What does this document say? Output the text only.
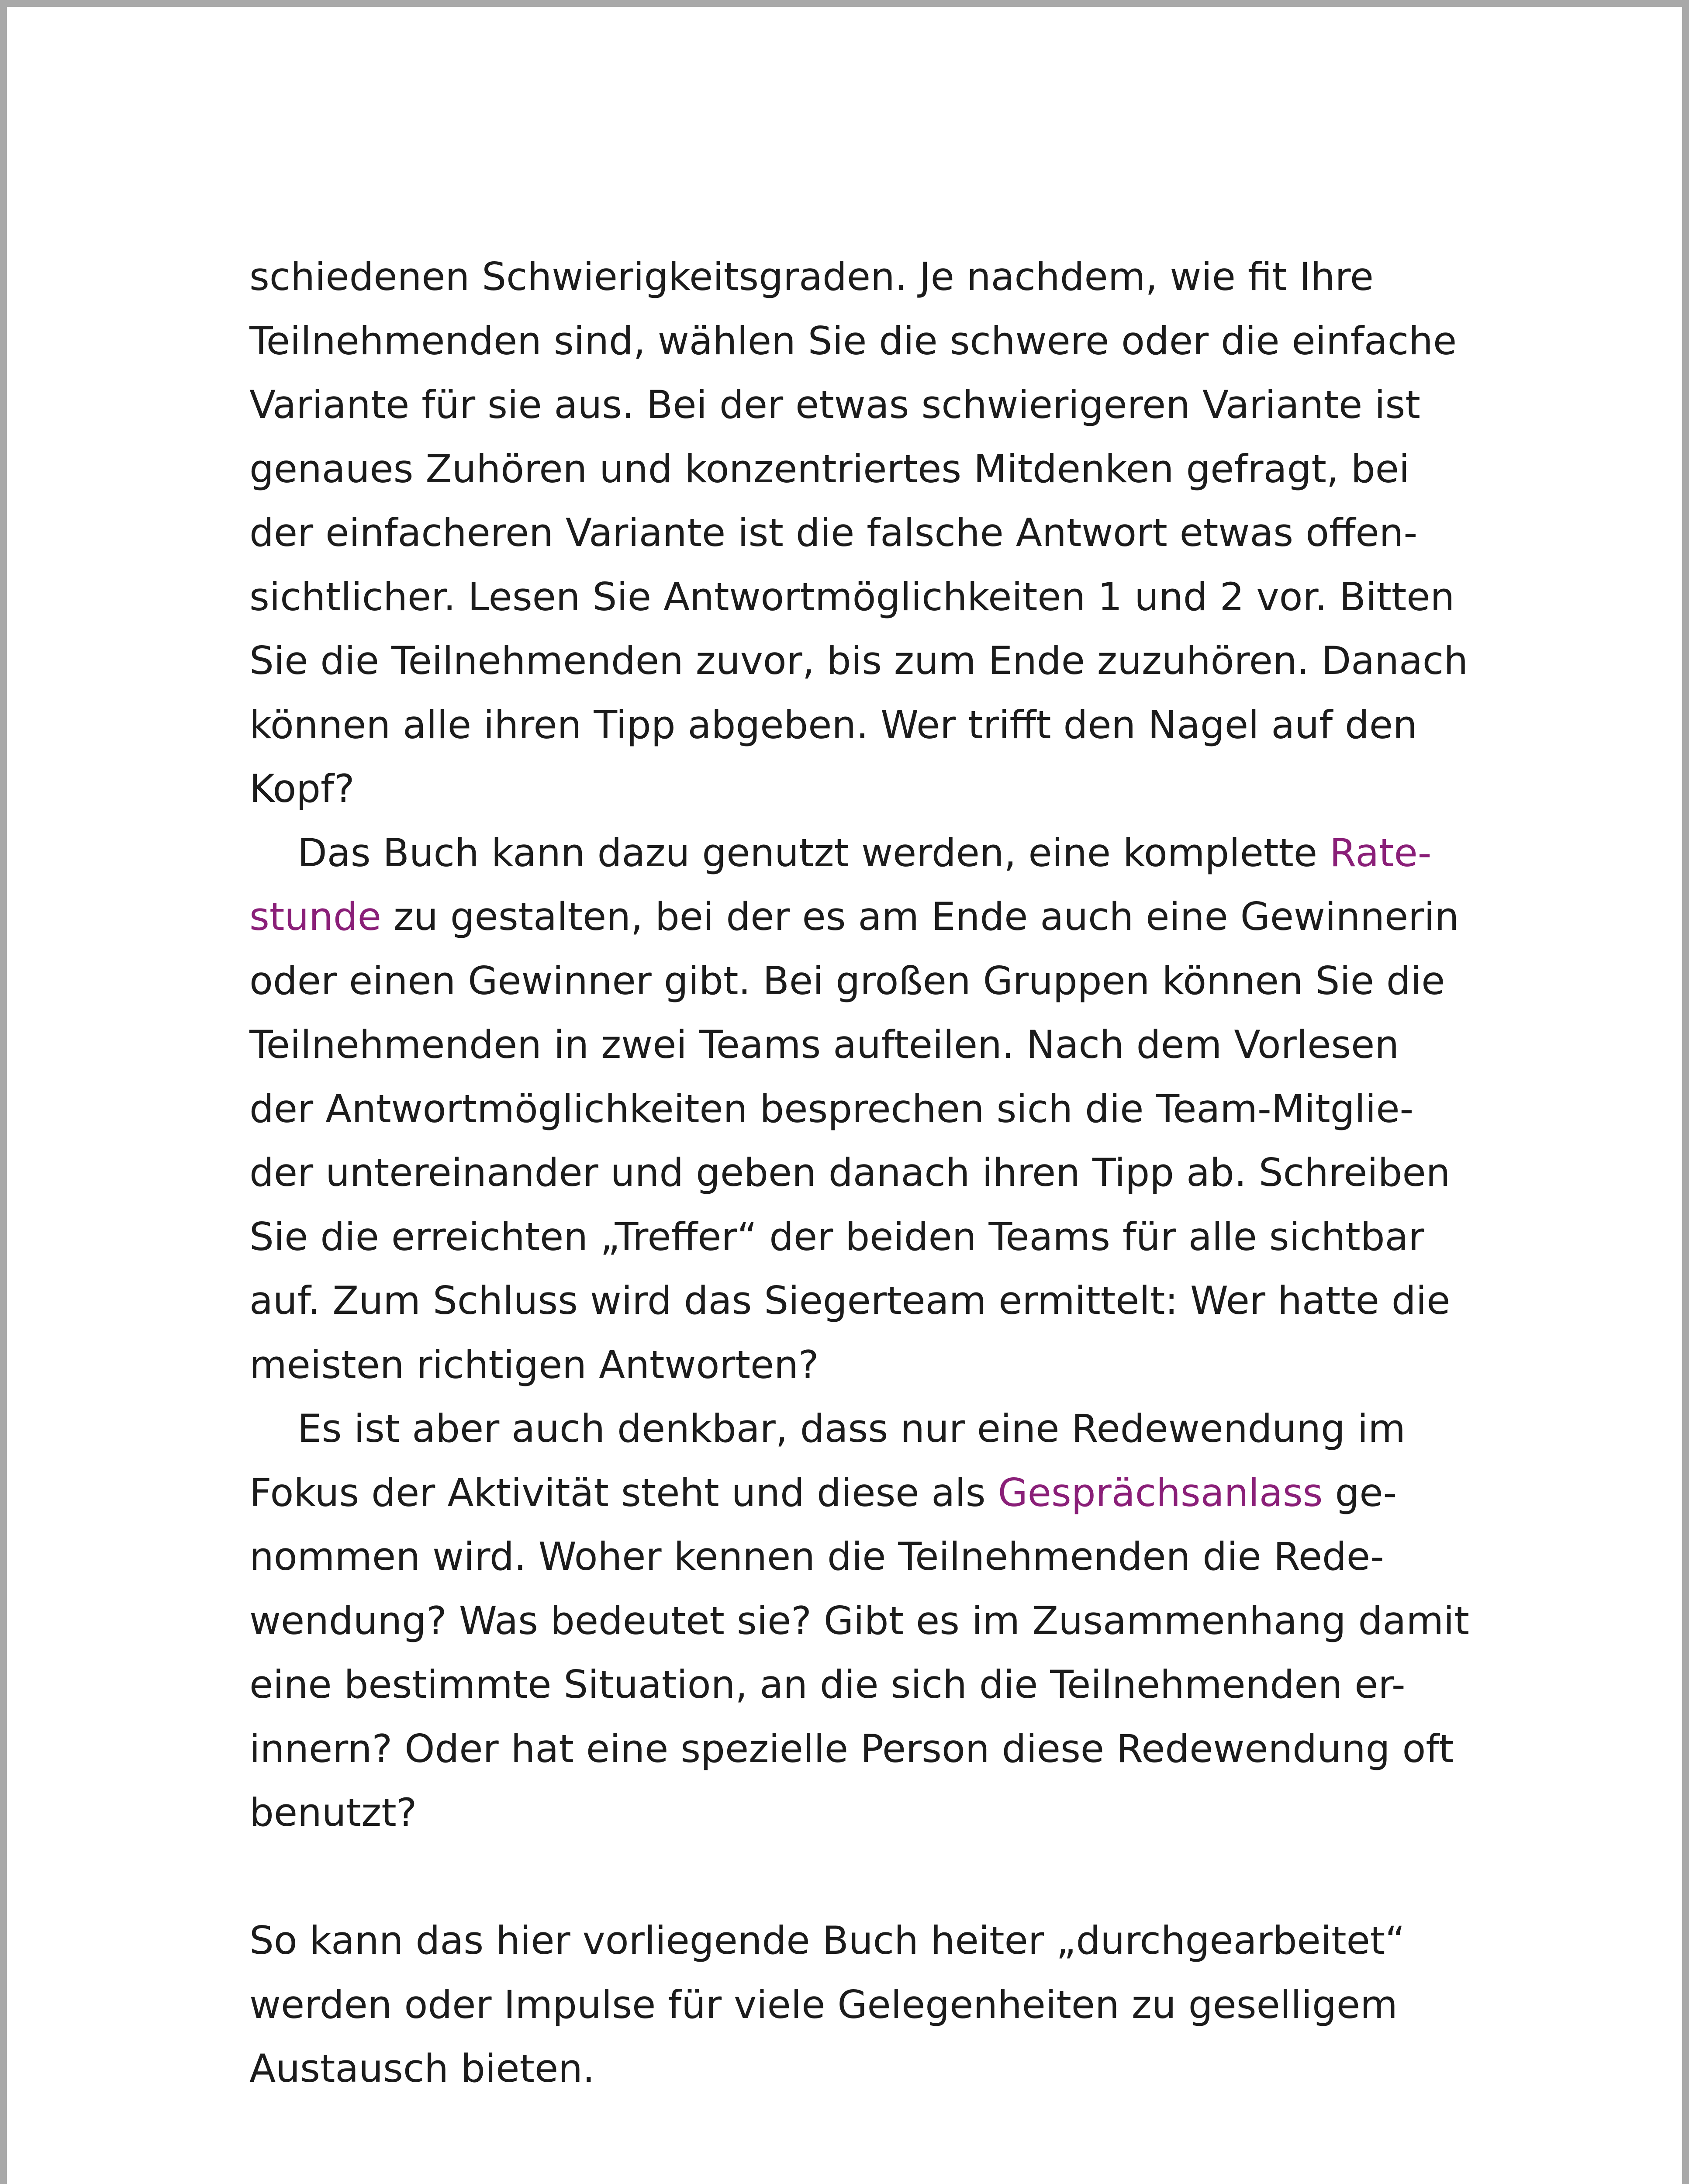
schiedenen Schwierigkeitsgraden. Je nachdem, wie fit Ihre
Teilnehmenden sind, wählen Sie die schwere oder die einfache
Variante für sie aus. Bei der etwas schwierigeren Variante ist
genaues Zuhören und konzentriertes Mitdenken gefragt, bei
der einfacheren Variante ist die falsche Antwort etwas offen-
sichtlicher. Lesen Sie Antwortmöglichkeiten 1 und 2 vor. Bitten
Sie die Teilnehmenden zuvor, bis zum Ende zuzuhören. Danach
können alle ihren Tipp abgeben. Wer trifft den Nagel auf den
Kopf?
Das Buch kann dazu genutzt werden, eine komplette Rate-
stunde zu gestalten, bei der es am Ende auch eine Gewinnerin
oder einen Gewinner gibt. Bei großen Gruppen können Sie die
Teilnehmenden in zwei Teams aufteilen. Nach dem Vorlesen
der Antwortmöglichkeiten besprechen sich die Team-Mitglie-
der untereinander und geben danach ihren Tipp ab. Schreiben
Sie die erreichten „Treffer“ der beiden Teams für alle sichtbar
auf. Zum Schluss wird das Siegerteam ermittelt: Wer hatte die
meisten richtigen Antworten?
Es ist aber auch denkbar, dass nur eine Redewendung im
Fokus der Aktivität steht und diese als Gesprächsanlass ge-
nommen wird. Woher kennen die Teilnehmenden die Rede-
wendung? Was bedeutet sie? Gibt es im Zusammenhang damit
eine bestimmte Situation, an die sich die Teilnehmenden er-
innern? Oder hat eine spezielle Person diese Redewendung oft
benutzt?
So kann das hier vorliegende Buch heiter „durchgearbeitet“
werden oder Impulse für viele Gelegenheiten zu geselligem
Austausch bieten.
